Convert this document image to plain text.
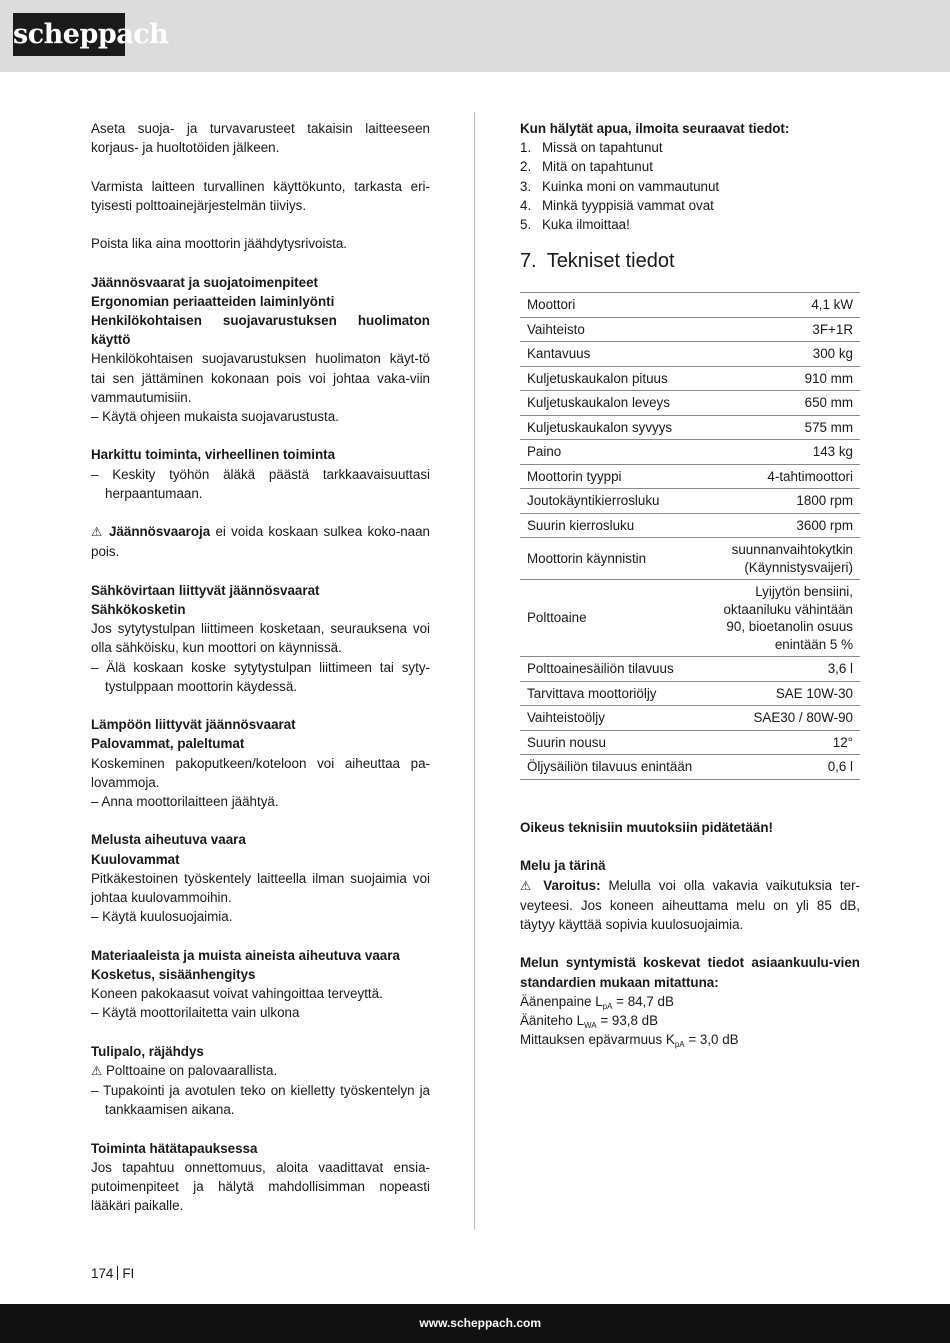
scheppach

Aseta suoja- ja turvavarusteet takaisin laitteeseen korjaus- ja huoltotöiden jälkeen.

Varmista laitteen turvallinen käyttökunto, tarkasta eri-tyisesti polttoainejärjestelmän tiiviys.

Poista lika aina moottorin jäähdytysrivoista.

Jäännösvaarat ja suojatoimenpiteet

Ergonomian periaatteiden laiminlyönti

Henkilökohtaisen suojavarustuksen huolimaton käyttö

Henkilökohtaisen suojavarustuksen huolimaton käyt-tö tai sen jättäminen kokonaan pois voi johtaa vaka-viin vammautumisiin.

– Käytä ohjeen mukaista suojavarustusta.

Harkittu toiminta, virheellinen toiminta

– Keskity työhön äläkä päästä tarkkaavaisuuttasi herpaantumaan.

⚠ Jäännösvaaroja ei voida koskaan sulkea koko-naan pois.

Sähkövirtaan liittyvät jäännösvaarat

Sähkökosketin

Jos sytytystulpan liittimeen kosketaan, seurauksena voi olla sähköisku, kun moottori on käynnissä.

– Älä koskaan koske sytytystulpan liittimeen tai syty-tystulppaan moottorin käydessä.

Lämpöön liittyvät jäännösvaarat

Palovammat, paleltumat

Koskeminen pakoputkeen/koteloon voi aiheuttaa pa-lovammoja.

– Anna moottorilaitteen jäähtyä.

Melusta aiheutuva vaara

Kuulovammat

Pitkäkestoinen työskentely laitteella ilman suojaimia voi johtaa kuulovammoihin.

– Käytä kuulosuojaimia.

Materiaaleista ja muista aineista aiheutuva vaara

Kosketus, sisäänhengitys

Koneen pakokaasut voivat vahingoittaa terveyttä.

– Käytä moottorilaitetta vain ulkona

Tulipalo, räjähdys

⚠ Polttoaine on palovaarallista.

– Tupakointi ja avotulen teko on kielletty työskentelyn ja tankkaamisen aikana.

Toiminta hätätapauksessa

Jos tapahtuu onnettomuus, aloita vaadittavat ensia-putoimenpiteet ja hälytä mahdollisimman nopeasti lääkäri paikalle.

Kun hälytät apua, ilmoita seuraavat tiedot:

1. Missä on tapahtunut
2. Mitä on tapahtunut
3. Kuinka moni on vammautunut
4. Minkä tyyppisiä vammat ovat
5. Kuka ilmoittaa!
7. Tekniset tiedot
Moottori	4,1 kW
Vaihteisto	3F+1R
Kantavuus	300 kg
Kuljetuskaukalon pituus	910 mm
Kuljetuskaukalon leveys	650 mm
Kuljetuskaukalon syvyys	575 mm
Paino	143 kg
Moottorin tyyppi	4-tahtimoottori
Joutokäyntikierrosluku	1800 rpm
Suurin kierrosluku	3600 rpm
Moottorin käynnistin	suunnanvaihtokytkin (Käynnistysvaijeri)
Polttoaine	Lyijytön bensiini, oktaaniluku vähintään 90, bioetanolin osuus enintään 5 %
Polttoainesäiliön tilavuus	3,6 l
Tarvittava moottoriöljy	SAE 10W-30
Vaihteistoöljy	SAE30 / 80W-90
Suurin nousu	12°
Öljysäiliön tilavuus enintään	0,6 l

Oikeus teknisiin muutoksiin pidätetään!

Melu ja tärinä

⚠ Varoitus: Melulla voi olla vakavia vaikutuksia ter-veyteesi. Jos koneen aiheuttama melu on yli 85 dB, täytyy käyttää sopivia kuulosuojaimia.

Melun syntymistä koskevat tiedot asiaankuulu-vien standardien mukaan mitattuna:

Äänenpaine $L_{pA} = 84,7$ dB

Ääniteho $L_{WA} = 93,8$ dB

Mittauksen epävarmuus $K_{pA} = 3,0$ dB

174 FI
www.scheppach.com
